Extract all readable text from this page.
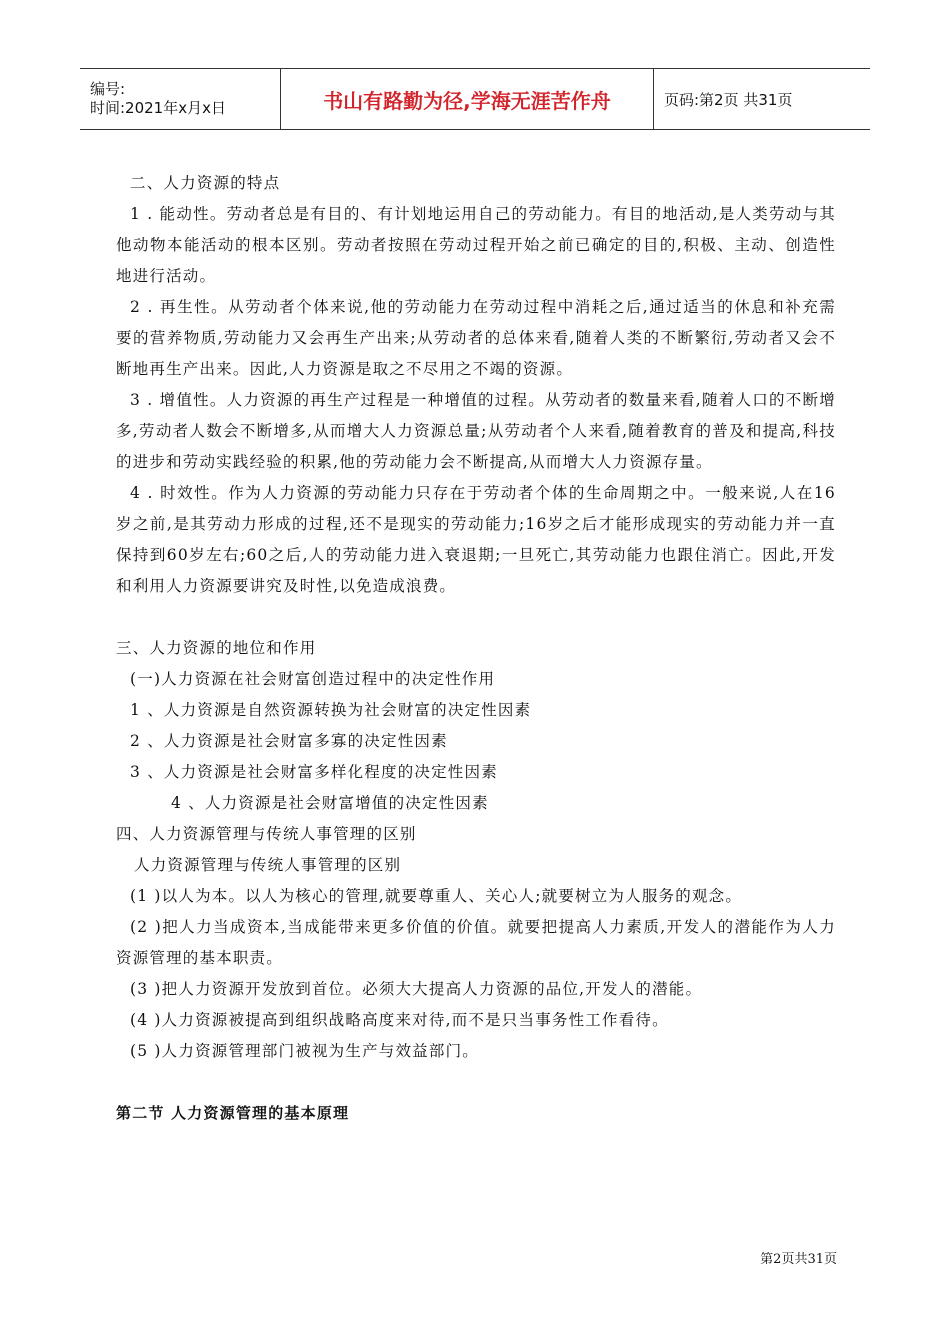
编号:
时间:2021年x月x日	书山有路勤为径,学海无涯苦作舟	页码:第2页 共31页

二、人力资源的特点

1 . 能动性。劳动者总是有目的、有计划地运用自己的劳动能力。有目的地活动,是人类劳动与其他动物本能活动的根本区别。劳动者按照在劳动过程开始之前已确定的目的,积极、主动、创造性地进行活动。

2 . 再生性。从劳动者个体来说,他的劳动能力在劳动过程中消耗之后,通过适当的休息和补充需要的营养物质,劳动能力又会再生产出来;从劳动者的总体来看,随着人类的不断繁衍,劳动者又会不断地再生产出来。因此,人力资源是取之不尽用之不竭的资源。

3 . 增值性。人力资源的再生产过程是一种增值的过程。从劳动者的数量来看,随着人口的不断增多,劳动者人数会不断增多,从而增大人力资源总量;从劳动者个人来看,随着教育的普及和提高,科技的进步和劳动实践经验的积累,他的劳动能力会不断提高,从而增大人力资源存量。

4 . 时效性。作为人力资源的劳动能力只存在于劳动者个体的生命周期之中。一般来说,人在16岁之前,是其劳动力形成的过程,还不是现实的劳动能力;16岁之后才能形成现实的劳动能力并一直保持到60岁左右;60之后,人的劳动能力进入衰退期;一旦死亡,其劳动能力也跟住消亡。因此,开发和利用人力资源要讲究及时性,以免造成浪费。

三、人力资源的地位和作用

(一)人力资源在社会财富创造过程中的决定性作用

1 、人力资源是自然资源转换为社会财富的决定性因素

2 、人力资源是社会财富多寡的决定性因素

3 、人力资源是社会财富多样化程度的决定性因素

4 、人力资源是社会财富增值的决定性因素

四、人力资源管理与传统人事管理的区别

人力资源管理与传统人事管理的区别

(1 )以人为本。以人为核心的管理,就要尊重人、关心人;就要树立为人服务的观念。

(2 )把人力当成资本,当成能带来更多价值的价值。就要把提高人力素质,开发人的潜能作为人力资源管理的基本职责。

(3 )把人力资源开发放到首位。必须大大提高人力资源的品位,开发人的潜能。

(4 )人力资源被提高到组织战略高度来对待,而不是只当事务性工作看待。

(5 )人力资源管理部门被视为生产与效益部门。

第二节 人力资源管理的基本原理

第2页共31页
